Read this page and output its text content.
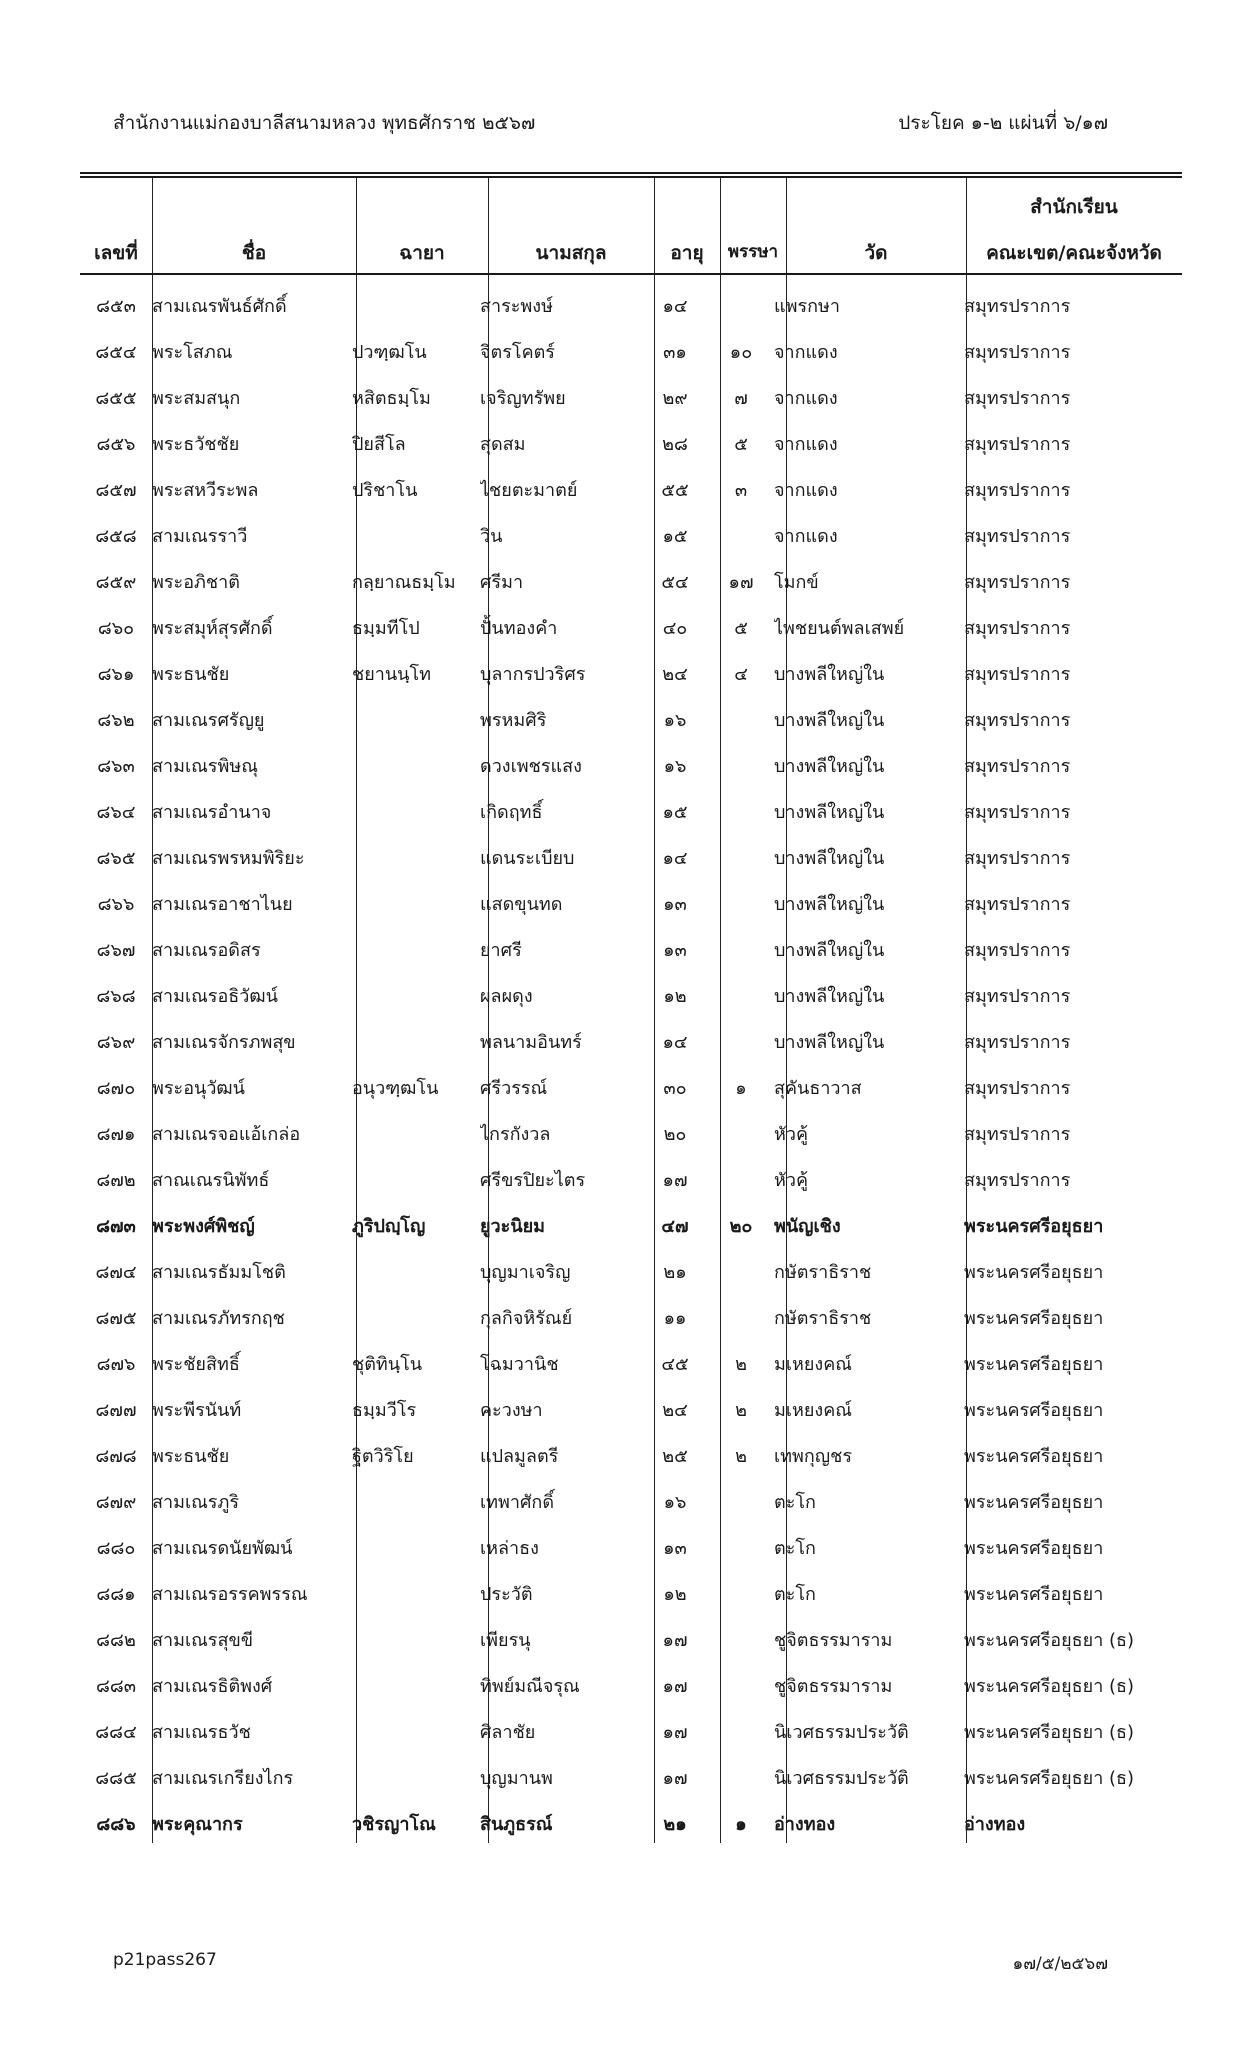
สำนักงานแม่กองบาลีสนามหลวง พุทธศักราช ๒๕๖๗	ประโยค ๑-๒ แผ่นที่ ๖/๑๗
เลขที่	ชื่อ	ฉายา	นามสกุล	อายุ	พรรษา	วัด
สำนักเรียน
คณะเขต/คณะจังหวัด
๘๕๓	สามเณรพันธ์ศักดิ์		สาระพงษ์	๑๔		แพรกษา	สมุทรปราการ
๘๕๔	พระโสภณ	ปวฑฺฒโน	จิตรโคตร์	๓๑	๑๐	จากแดง	สมุทรปราการ
๘๕๕	พระสมสนุก	หสิตธมฺโม	เจริญทรัพย	๒๙	๗	จากแดง	สมุทรปราการ
๘๕๖	พระธวัชชัย	ปิยสีโล	สุดสม	๒๘	๕	จากแดง	สมุทรปราการ
๘๕๗	พระสหวีระพล	ปริชาโน	ไชยตะมาตย์	๕๕	๓	จากแดง	สมุทรปราการ
๘๕๘	สามเณรราวี		วิน	๑๕		จากแดง	สมุทรปราการ
๘๕๙	พระอภิชาติ	กลฺยาณธมฺโม	ศรีมา	๕๔	๑๗	โมกข์	สมุทรปราการ
๘๖๐	พระสมุห์สุรศักดิ์	ธมฺมทีโป	ปั้นทองคำ	๔๐	๕	ไพชยนต์พลเสพย์	สมุทรปราการ
๘๖๑	พระธนชัย	ชยานนฺโท	บุลากรปวริศร	๒๔	๔	บางพลีใหญ่ใน	สมุทรปราการ
๘๖๒	สามเณรศรัญยู		พรหมศิริ	๑๖		บางพลีใหญ่ใน	สมุทรปราการ
๘๖๓	สามเณรพิษณุ		ดวงเพชรแสง	๑๖		บางพลีใหญ่ใน	สมุทรปราการ
๘๖๔	สามเณรอำนาจ		เกิดฤทธิ์	๑๕		บางพลีใหญ่ใน	สมุทรปราการ
๘๖๕	สามเณรพรหมพิริยะ		แดนระเบียบ	๑๔		บางพลีใหญ่ใน	สมุทรปราการ
๘๖๖	สามเณรอาชาไนย		แสดขุนทด	๑๓		บางพลีใหญ่ใน	สมุทรปราการ
๘๖๗	สามเณรอดิสร		ยาศรี	๑๓		บางพลีใหญ่ใน	สมุทรปราการ
๘๖๘	สามเณรอธิวัฒน์		ผลผดุง	๑๒		บางพลีใหญ่ใน	สมุทรปราการ
๘๖๙	สามเณรจักรภพสุข		พลนามอินทร์	๑๔		บางพลีใหญ่ใน	สมุทรปราการ
๘๗๐	พระอนุวัฒน์	อนุวฑฺฒโน	ศรีวรรณ์	๓๐	๑	สุคันธาวาส	สมุทรปราการ
๘๗๑	สามเณรจอแอ้เกล่อ		ไกรกังวล	๒๐		หัวคู้	สมุทรปราการ
๘๗๒	สาณเณรนิพัทธ์		ศรีขรปิยะไตร	๑๗		หัวคู้	สมุทรปราการ
๘๗๓	พระพงศ์พิชญ์	ภูริปญฺโญ	ยูวะนิยม	๔๗	๒๐	พนัญเชิง	พระนครศรีอยุธยา
๘๗๔	สามเณรธัมมโชติ		บุญมาเจริญ	๒๑		กษัตราธิราช	พระนครศรีอยุธยา
๘๗๕	สามเณรภัทรกฤช		กุลกิจหิรัณย์	๑๑		กษัตราธิราช	พระนครศรีอยุธยา
๘๗๖	พระชัยสิทธิ์	ชุติทินฺโน	โฉมวานิช	๔๕	๒	มเหยงคณ์	พระนครศรีอยุธยา
๘๗๗	พระพีรนันท์	ธมฺมวีโร	คะวงษา	๒๔	๒	มเหยงคณ์	พระนครศรีอยุธยา
๘๗๘	พระธนชัย	ฐิตวิริโย	แปลมูลตรี	๒๕	๒	เทพกุญชร	พระนครศรีอยุธยา
๘๗๙	สามเณรภูริ		เทพาศักดิ์	๑๖		ตะโก	พระนครศรีอยุธยา
๘๘๐	สามเณรดนัยพัฒน์		เหล่าธง	๑๓		ตะโก	พระนครศรีอยุธยา
๘๘๑	สามเณรอรรคพรรณ		ประวัติ	๑๒		ตะโก	พระนครศรีอยุธยา
๘๘๒	สามเณรสุขขี		เพียรนุ	๑๗		ชูจิตธรรมาราม	พระนครศรีอยุธยา (ธ)
๘๘๓	สามเณรธิติพงศ์		ทิพย์มณีจรุณ	๑๗		ชูจิตธรรมาราม	พระนครศรีอยุธยา (ธ)
๘๘๔	สามเณรธวัช		ศิลาชัย	๑๗		นิเวศธรรมประวัติ	พระนครศรีอยุธยา (ธ)
๘๘๕	สามเณรเกรียงไกร		บุญมานพ	๑๗		นิเวศธรรมประวัติ	พระนครศรีอยุธยา (ธ)
๘๘๖	พระคุณากร	วชิรญาโณ	สินภูธรณ์	๒๑	๑	อ่างทอง	อ่างทอง
p21pass267	๑๗/๕/๒๕๖๗
